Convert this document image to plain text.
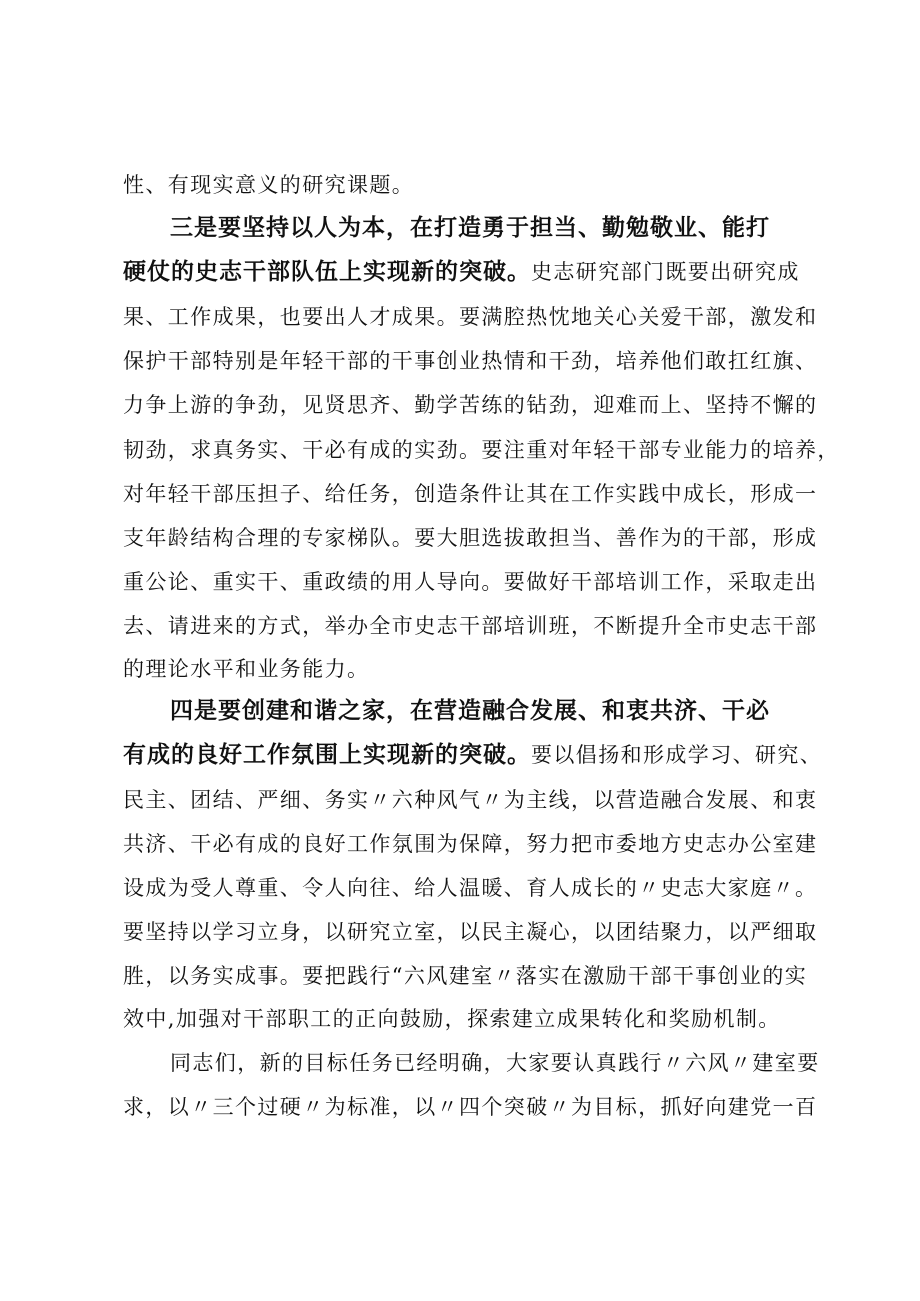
性、有现实意义的研究课题。
三是要坚持以人为本，在打造勇于担当、勤勉敬业、能打
硬仗的史志干部队伍上实现新的突破。史志研究部门既要出研究成
果、工作成果，也要出人才成果。要满腔热忱地关心关爱干部，激发和
保护干部特别是年轻干部的干事创业热情和干劲，培养他们敢扛红旗、
力争上游的争劲，见贤思齐、勤学苦练的钻劲，迎难而上、坚持不懈的
韧劲，求真务实、干必有成的实劲。要注重对年轻干部专业能力的培养，
对年轻干部压担子、给任务，创造条件让其在工作实践中成长，形成一
支年龄结构合理的专家梯队。要大胆选拔敢担当、善作为的干部，形成
重公论、重实干、重政绩的用人导向。要做好干部培训工作，采取走出
去、请进来的方式，举办全市史志干部培训班，不断提升全市史志干部
的理论水平和业务能力。
四是要创建和谐之家，在营造融合发展、和衷共济、干必
有成的良好工作氛围上实现新的突破。要以倡扬和形成学习、研究、
民主、团结、严细、务实〃六种风气〃为主线，以营造融合发展、和衷
共济、干必有成的良好工作氛围为保障，努力把市委地方史志办公室建
设成为受人尊重、令人向往、给人温暖、育人成长的〃史志大家庭〃。
要坚持以学习立身，以研究立室，以民主凝心，以团结聚力，以严细取
胜，以务实成事。要把践行“六风建室〃落实在激励干部干事创业的实
效中,加强对干部职工的正向鼓励，探索建立成果转化和奖励机制。
同志们，新的目标任务已经明确，大家要认真践行〃六风〃建室要
求，以〃三个过硬〃为标准，以〃四个突破〃为目标，抓好向建党一百
